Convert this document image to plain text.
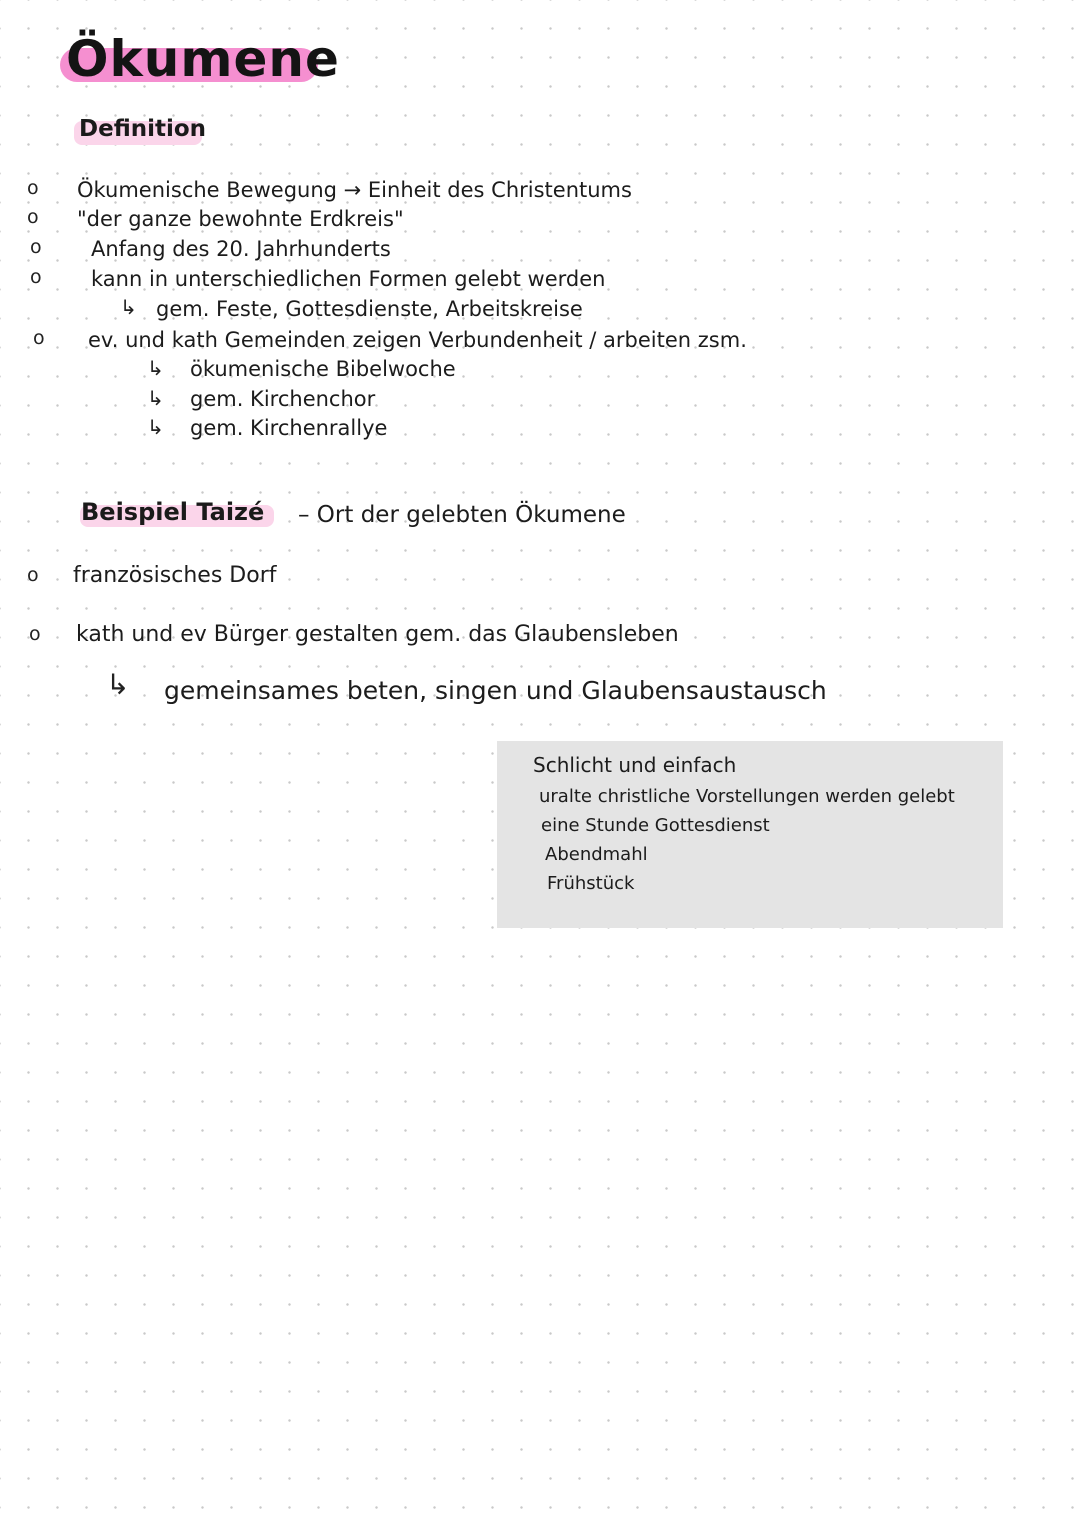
Ökumene
Definition
o Ökumenische Bewegung → Einheit des Christentums
o "der ganze bewohnte Erdkreis"
o Anfang des 20. Jahrhunderts
o kann in unterschiedlichen Formen gelebt werden
↳ gem. Feste, Gottesdienste, Arbeitskreise
o ev. und kath Gemeinden zeigen Verbundenheit / arbeiten zsm.
↳ ökumenische Bibelwoche
↳ gem. Kirchenchor
↳ gem. Kirchenrallye
Beispiel Taizé – Ort der gelebten Ökumene
o französisches Dorf
o kath und ev Bürger gestalten gem. das Glaubensleben
↳ gemeinsames beten, singen und Glaubensaustausch
Schlicht und einfach
uralte christliche Vorstellungen werden gelebt
eine Stunde Gottesdienst
Abendmahl
Frühstück
